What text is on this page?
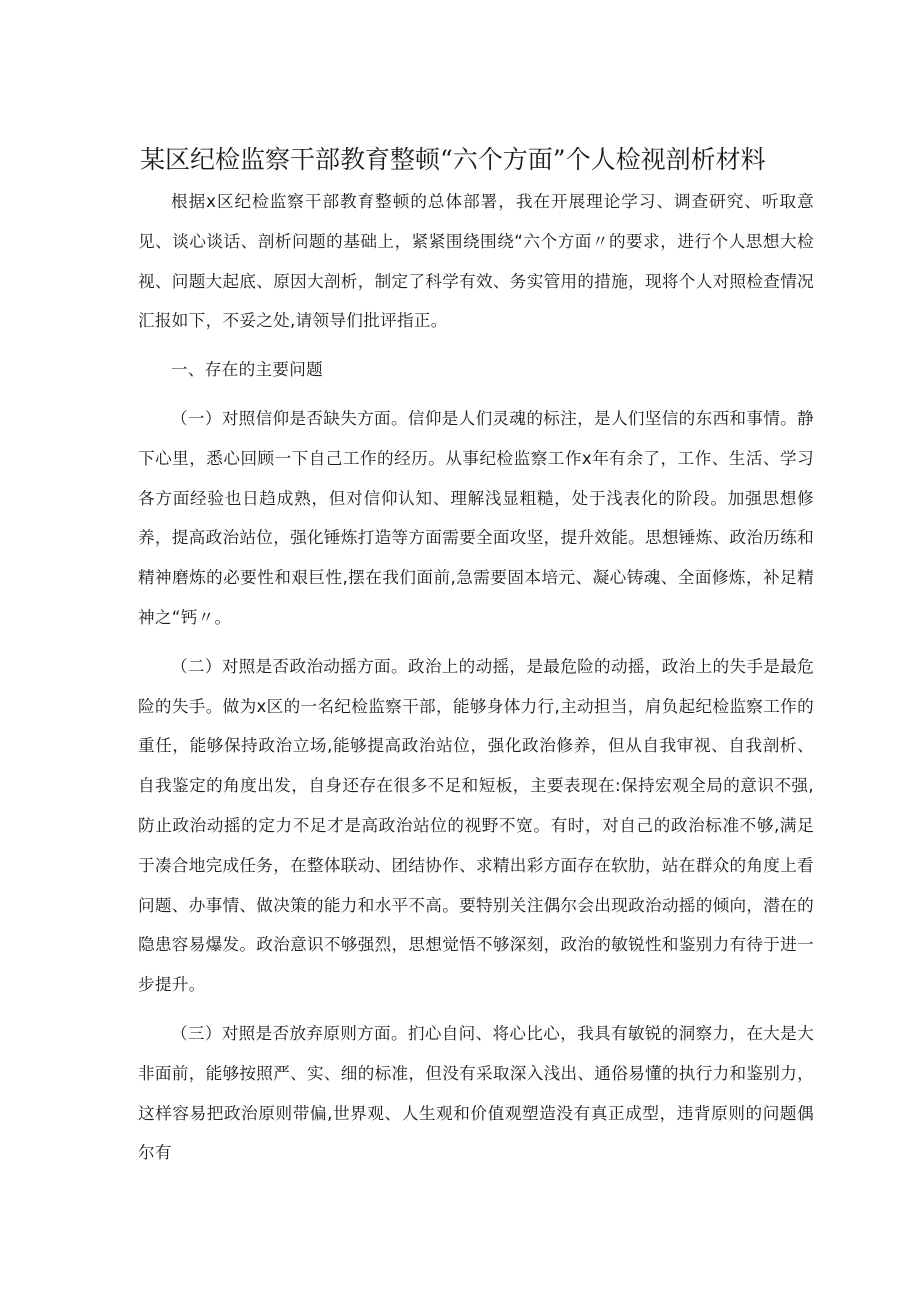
某区纪检监察干部教育整顿“六个方面”个人检视剖析材料

根据x区纪检监察干部教育整顿的总体部署，我在开展理论学习、调查研究、听取意见、谈心谈话、剖析问题的基础上，紧紧围绕围绕“六个方面〃的要求，进行个人思想大检视、问题大起底、原因大剖析，制定了科学有效、务实管用的措施，现将个人对照检查情况汇报如下，不妥之处,请领导们批评指正。

一、存在的主要问题

（一）对照信仰是否缺失方面。信仰是人们灵魂的标注，是人们坚信的东西和事情。静下心里，悉心回顾一下自己工作的经历。从事纪检监察工作x年有余了，工作、生活、学习各方面经验也日趋成熟，但对信仰认知、理解浅显粗糙，处于浅表化的阶段。加强思想修养，提高政治站位，强化锤炼打造等方面需要全面攻坚，提升效能。思想锤炼、政治历练和精神磨炼的必要性和艰巨性,摆在我们面前,急需要固本培元、凝心铸魂、全面修炼，补足精神之“钙〃。

（二）对照是否政治动摇方面。政治上的动摇，是最危险的动摇，政治上的失手是最危险的失手。做为x区的一名纪检监察干部，能够身体力行,主动担当，肩负起纪检监察工作的重任，能够保持政治立场,能够提高政治站位，强化政治修养，但从自我审视、自我剖析、自我鉴定的角度出发，自身还存在很多不足和短板，主要表现在:保持宏观全局的意识不强,防止政治动摇的定力不足才是高政治站位的视野不宽。有时，对自己的政治标准不够,满足于凑合地完成任务，在整体联动、团结协作、求精出彩方面存在软肋，站在群众的角度上看问题、办事情、做决策的能力和水平不高。要特别关注偶尔会出现政治动摇的倾向，潜在的隐患容易爆发。政治意识不够强烈，思想觉悟不够深刻，政治的敏锐性和鉴别力有待于进一步提升。

（三）对照是否放弃原则方面。扪心自问、将心比心，我具有敏锐的洞察力，在大是大非面前，能够按照严、实、细的标准，但没有采取深入浅出、通俗易懂的执行力和鉴别力，这样容易把政治原则带偏,世界观、人生观和价值观塑造没有真正成型，违背原则的问题偶尔有
